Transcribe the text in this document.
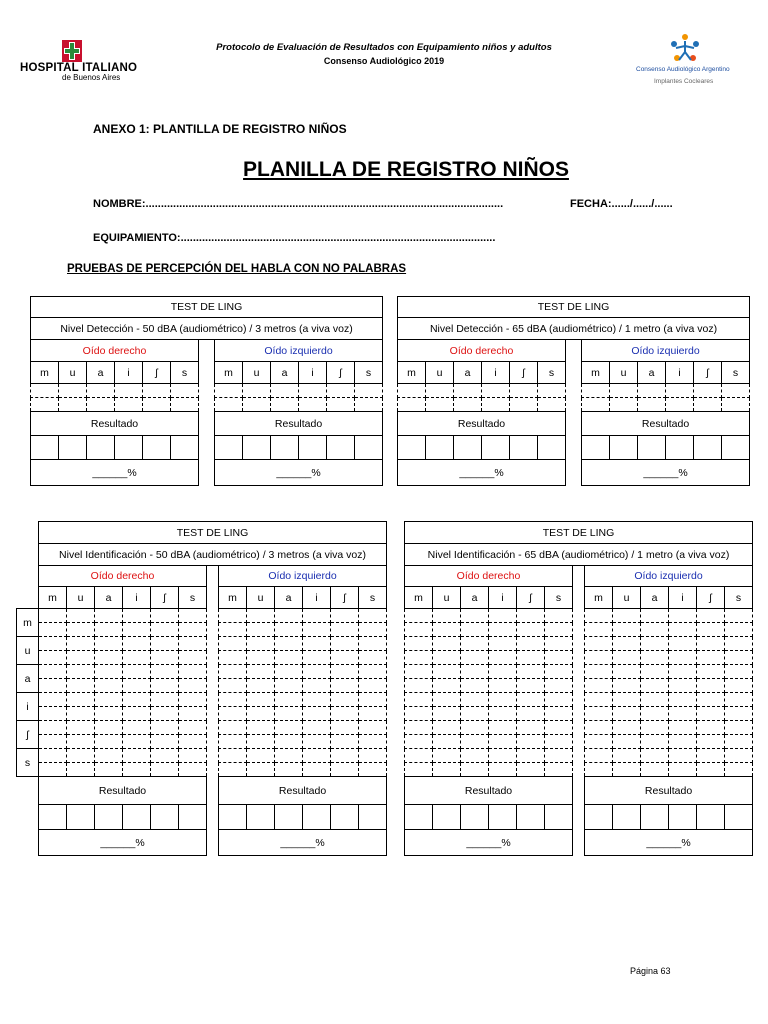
HOSPITAL ITALIANO
de Buenos Aires
Protocolo de Evaluación de Resultados con Equipamiento niños y adultos
Consenso Audiológico 2019
Consenso Audiológico Argentino
Implantes Cocleares
ANEXO 1: PLANTILLA DE REGISTRO NIÑOS
PLANILLA DE REGISTRO NIÑOS
NOMBRE:.....................................................................................................................	FECHA:....../....../......
EQUIPAMIENTO:.......................................................................................................
PRUEBAS DE PERCEPCIÓN DEL HABLA CON NO PALABRAS
Página 63
TEST DE LING												
Nivel Detección - 50 dBA (audiométrico) / 3 metros (a viva voz)												
Oído derecho							Oído izquierdo					
m	u	a	i	ʃ	s		m	u	a	i	ʃ	s

Resultado							Resultado					

______%							______%					
TEST DE LING												
Nivel Detección - 65 dBA (audiométrico) / 1 metro (a viva voz)												
Oído derecho							Oído izquierdo					
m	u	a	i	ʃ	s		m	u	a	i	ʃ	s

Resultado							Resultado					

______%							______%					
	TEST DE LING												
	Nivel Identificación - 50 dBA (audiométrico) / 3 metros (a viva voz)												
	Oído derecho							Oído izquierdo					
	m	u	a	i	ʃ	s		m	u	a	i	ʃ	s
m													

u													

a													

i													

ʃ													

s													

	Resultado							Resultado					

	______%							______%					
TEST DE LING												
Nivel Identificación - 65 dBA (audiométrico) / 1 metro (a viva voz)												
Oído derecho							Oído izquierdo					
m	u	a	i	ʃ	s		m	u	a	i	ʃ	s

Resultado							Resultado					

______%							______%					
